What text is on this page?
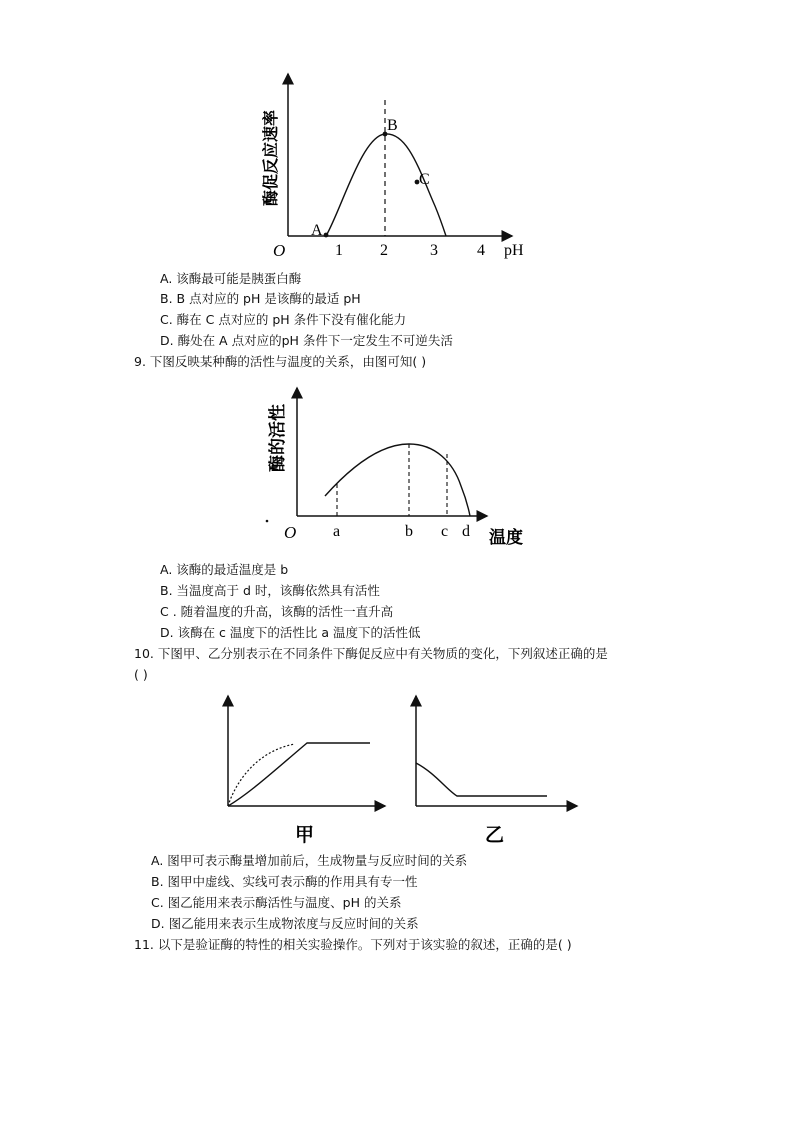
A
B
C
O	1 2	3 4 pH
酶促反应速率
A. 该酶最可能是胰蛋白酶
B. B 点对应的 pH 是该酶的最适 pH
C. 酶在 C 点对应的 pH 条件下没有催化能力
D. 酶处在 A 点对应的pH 条件下一定发生不可逆失活
9. 下图反映某种酶的活性与温度的关系，由图可知( )
O a	b c d 温度
酶的活性
A. 该酶的最适温度是 b
B. 当温度高于 d 时，该酶依然具有活性
C . 随着温度的升高，该酶的活性一直升高
D. 该酶在 c 温度下的活性比 a 温度下的活性低
10. 下图甲、乙分别表示在不同条件下酶促反应中有关物质的变化，下列叙述正确的是
( )
甲	乙
A. 图甲可表示酶量增加前后，生成物量与反应时间的关系
B. 图甲中虚线、实线可表示酶的作用具有专一性
C. 图乙能用来表示酶活性与温度、pH 的关系
D. 图乙能用来表示生成物浓度与反应时间的关系
11. 以下是验证酶的特性的相关实验操作。下列对于该实验的叙述，正确的是( )
